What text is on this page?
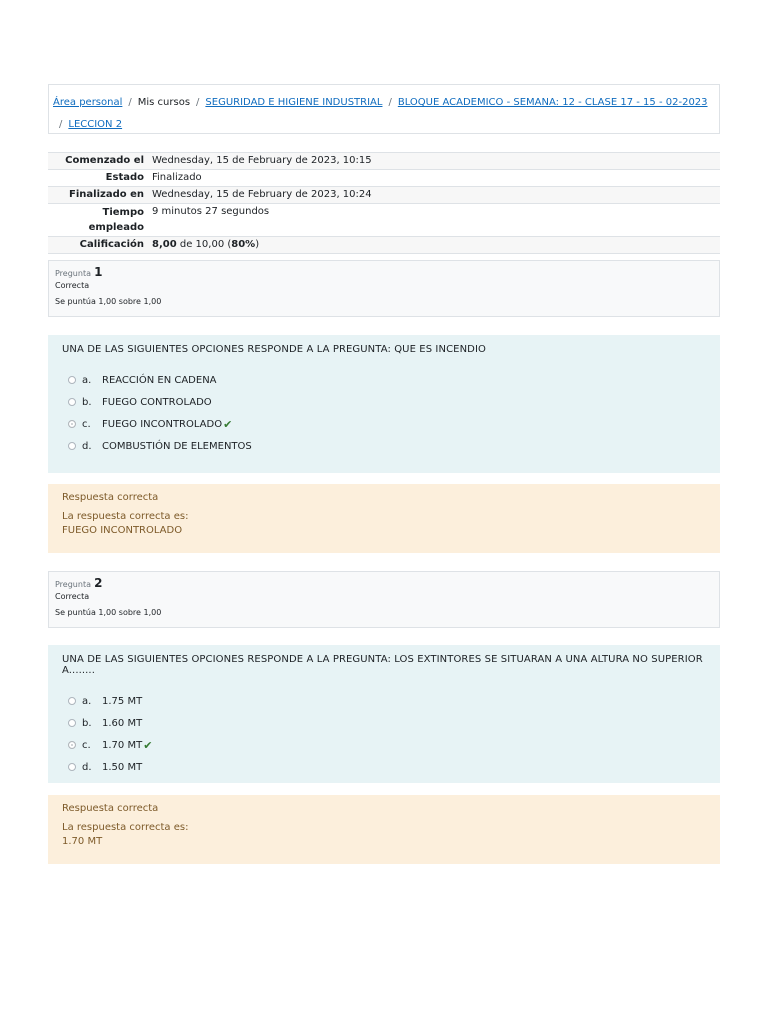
Área personal / Mis cursos / SEGURIDAD E HIGIENE INDUSTRIAL / BLOQUE ACADEMICO - SEMANA: 12 - CLASE 17 - 15 - 02-2023
/ LECCION 2
Comenzado el	Wednesday, 15 de February de 2023, 10:15
Estado	Finalizado
Finalizado en	Wednesday, 15 de February de 2023, 10:24
Tiempo
empleado	9 minutos 27 segundos
Calificación	8,00 de 10,00 (80%)
Pregunta 1
Correcta
Se puntúa 1,00 sobre 1,00
UNA DE LAS SIGUIENTES OPCIONES RESPONDE A LA PREGUNTA: QUE ES INCENDIO
a.	REACCIÓN EN CADENA
b.	FUEGO CONTROLADO
c.	FUEGO INCONTROLADO ✔
d.	COMBUSTIÓN DE ELEMENTOS
Respuesta correcta
La respuesta correcta es:
FUEGO INCONTROLADO
Pregunta 2
Correcta
Se puntúa 1,00 sobre 1,00
UNA DE LAS SIGUIENTES OPCIONES RESPONDE A LA PREGUNTA: LOS EXTINTORES SE SITUARAN A UNA ALTURA NO SUPERIOR A........
a.	1.75 MT
b.	1.60 MT
c.	1.70 MT ✔
d.	1.50 MT
Respuesta correcta
La respuesta correcta es:
1.70 MT
